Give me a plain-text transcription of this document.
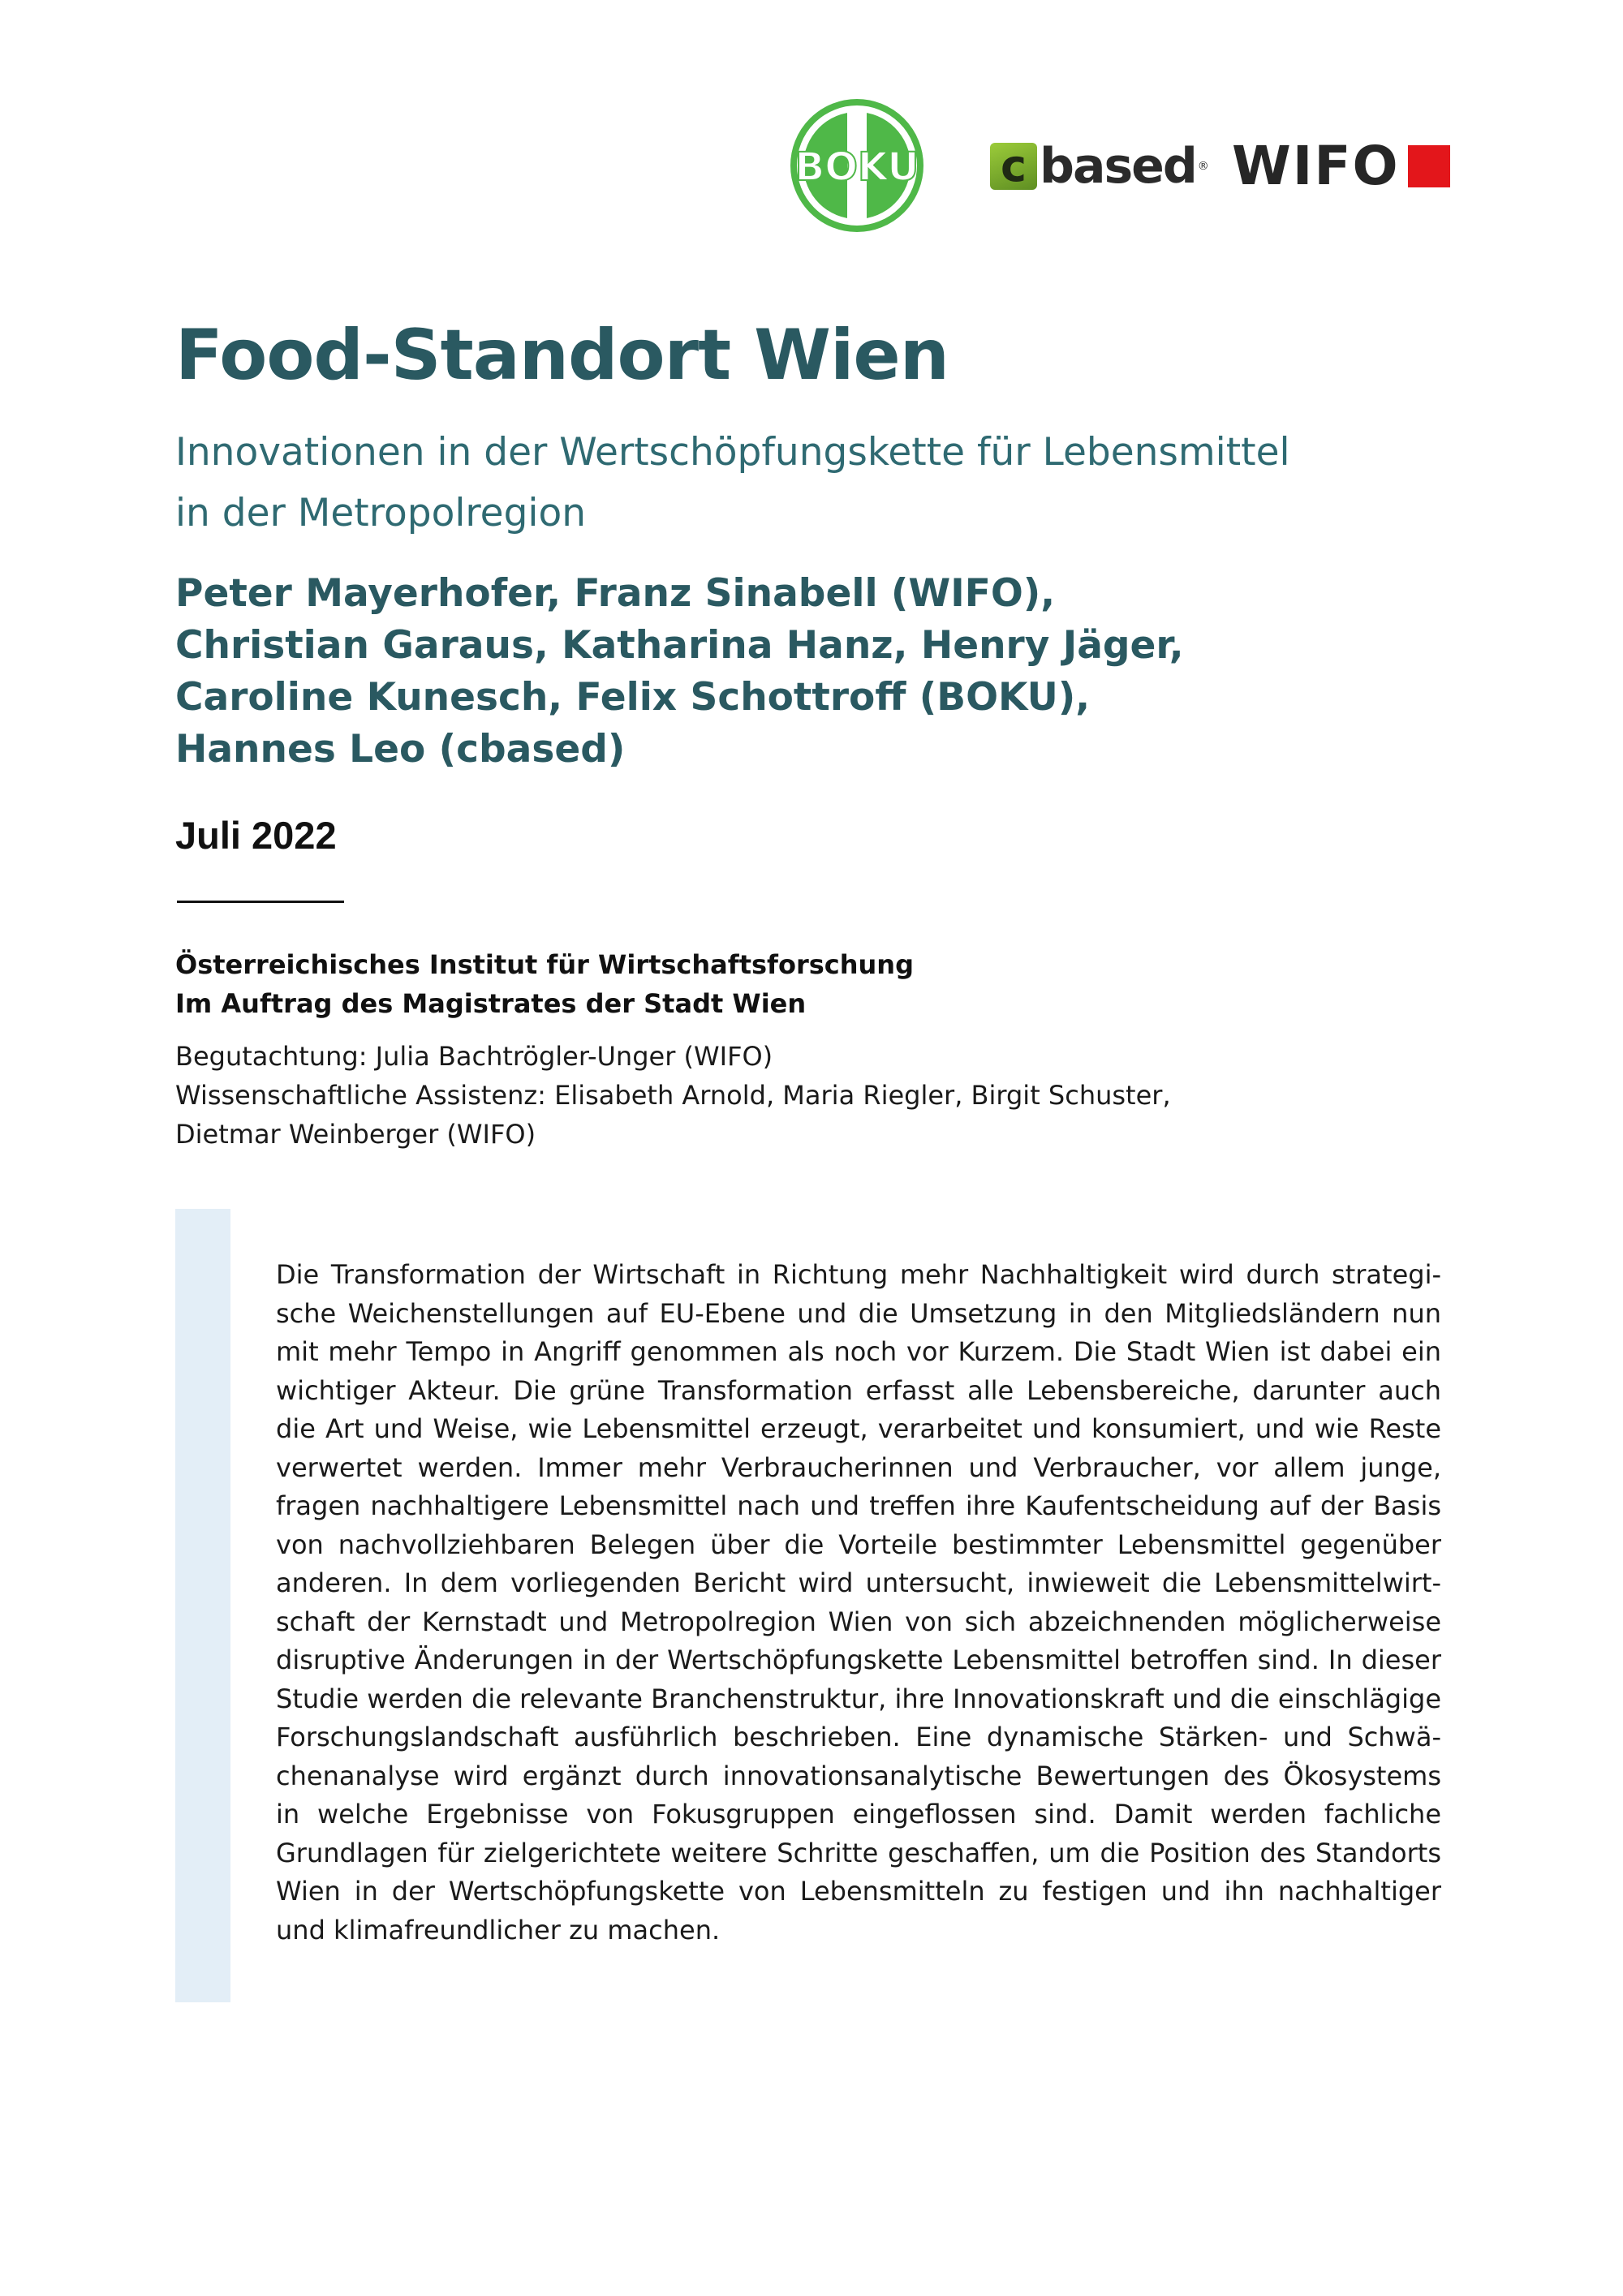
BOKU c based ® WIFO
Food-Standort Wien
Innovationen in der Wertschöpfungskette für Lebensmittel
in der Metropolregion
Peter Mayerhofer, Franz Sinabell (WIFO),
Christian Garaus, Katharina Hanz, Henry Jäger,
Caroline Kunesch, Felix Schottroff (BOKU),
Hannes Leo (cbased)
Juli 2022
Österreichisches Institut für Wirtschaftsforschung
Im Auftrag des Magistrates der Stadt Wien
Begutachtung: Julia Bachtrögler-Unger (WIFO)
Wissenschaftliche Assistenz: Elisabeth Arnold, Maria Riegler, Birgit Schuster,
Dietmar Weinberger (WIFO)
Die Transformation der Wirtschaft in Richtung mehr Nachhaltigkeit wird durch strategi-
sche Weichenstellungen auf EU-Ebene und die Umsetzung in den Mitgliedsländern nun
mit mehr Tempo in Angriff genommen als noch vor Kurzem. Die Stadt Wien ist dabei ein
wichtiger Akteur. Die grüne Transformation erfasst alle Lebensbereiche, darunter auch
die Art und Weise, wie Lebensmittel erzeugt, verarbeitet und konsumiert, und wie Reste
verwertet werden. Immer mehr Verbraucherinnen und Verbraucher, vor allem junge,
fragen nachhaltigere Lebensmittel nach und treffen ihre Kaufentscheidung auf der Basis
von nachvollziehbaren Belegen über die Vorteile bestimmter Lebensmittel gegenüber
anderen. In dem vorliegenden Bericht wird untersucht, inwieweit die Lebensmittelwirt-
schaft der Kernstadt und Metropolregion Wien von sich abzeichnenden möglicherweise
disruptive Änderungen in der Wertschöpfungskette Lebensmittel betroffen sind. In dieser
Studie werden die relevante Branchenstruktur, ihre Innovationskraft und die einschlägige
Forschungslandschaft ausführlich beschrieben. Eine dynamische Stärken- und Schwä-
chenanalyse wird ergänzt durch innovationsanalytische Bewertungen des Ökosystems
in welche Ergebnisse von Fokusgruppen eingeflossen sind. Damit werden fachliche
Grundlagen für zielgerichtete weitere Schritte geschaffen, um die Position des Standorts
Wien in der Wertschöpfungskette von Lebensmitteln zu festigen und ihn nachhaltiger
und klimafreundlicher zu machen.
